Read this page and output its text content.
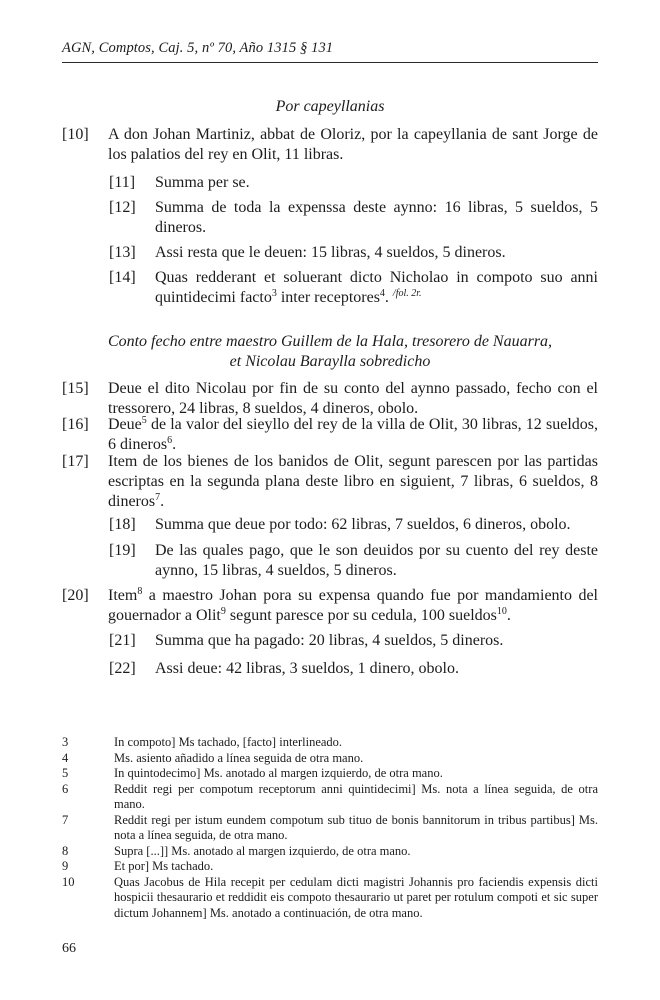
AGN, Comptos, Caj. 5, nº 70, Año 1315 § 131
Por capeyllanias
[10] A don Johan Martiniz, abbat de Oloriz, por la capeyllania de sant Jorge de los palatios del rey en Olit, 11 libras.
[11] Summa per se.
[12] Summa de toda la expenssa deste aynno: 16 libras, 5 sueldos, 5 dineros.
[13] Assi resta que le deuen: 15 libras, 4 sueldos, 5 dineros.
[14] Quas redderant et soluerant dicto Nicholao in compoto suo anni quintidecimi facto$^3$ inter receptores$^4$. $^{/fol. 2r.}$
Conto fecho entre maestro Guillem de la Hala, tresorero de Nauarra,
et Nicolau Baraylla sobredicho
[15] Deue el dito Nicolau por fin de su conto del aynno passado, fecho con el tressorero, 24 libras, 8 sueldos, 4 dineros, obolo.
[16] Deue$^5$ de la valor del sieyllo del rey de la villa de Olit, 30 libras, 12 sueldos, 6 dineros$^6$.
[17] Item de los bienes de los banidos de Olit, segunt parescen por las partidas escriptas en la segunda plana deste libro en siguient, 7 libras, 6 sueldos, 8 dineros$^7$.
[18] Summa que deue por todo: 62 libras, 7 sueldos, 6 dineros, obolo.
[19] De las quales pago, que le son deuidos por su cuento del rey deste aynno, 15 libras, 4 sueldos, 5 dineros.
[20] Item$^8$ a maestro Johan pora su expensa quando fue por mandamiento del gouernador a Olit$^9$ segunt paresce por su cedula, 100 sueldos$^{10}$.
[21] Summa que ha pagado: 20 libras, 4 sueldos, 5 dineros.
[22] Assi deue: 42 libras, 3 sueldos, 1 dinero, obolo.
3	In compoto] Ms tachado, [facto] interlineado.
4	Ms. asiento añadido a línea seguida de otra mano.
5	In quintodecimo] Ms. anotado al margen izquierdo, de otra mano.
6	Reddit regi per compotum receptorum anni quintidecimi] Ms. nota a línea seguida, de otra mano.
7	Reddit regi per istum eundem compotum sub tituo de bonis bannitorum in tribus partibus] Ms. nota a línea seguida, de otra mano.
8	Supra [...]] Ms. anotado al margen izquierdo, de otra mano.
9	Et por] Ms tachado.
10	Quas Jacobus de Hila recepit per cedulam dicti magistri Johannis pro faciendis expensis dicti hospicii thesaurario et reddidit eis compoto thesaurario ut paret per rotulum compoti et sic super dictum Johannem] Ms. anotado a continuación, de otra mano.
66
